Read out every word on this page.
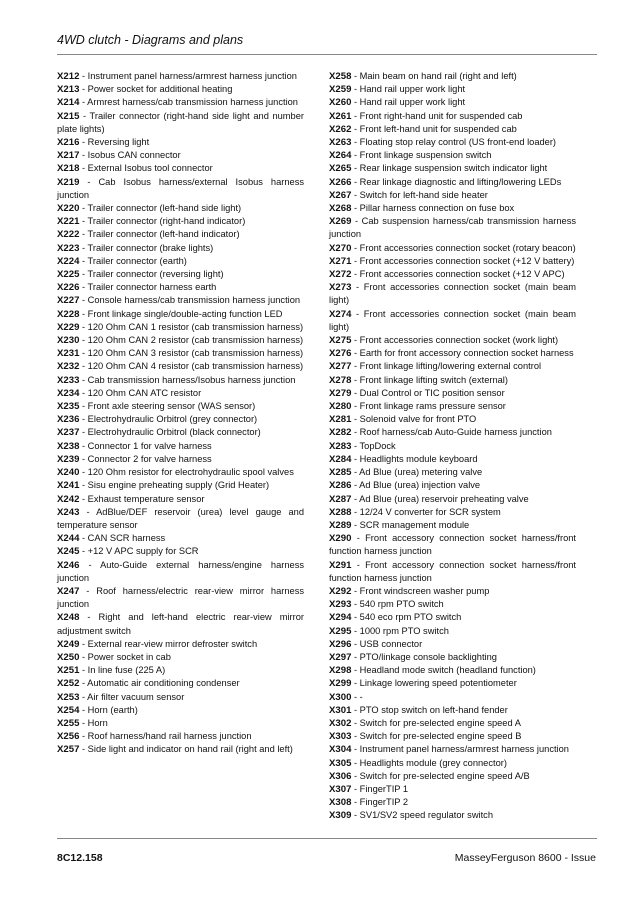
4WD clutch - Diagrams and plans

X212 - Instrument panel harness/armrest harness junction

X213 - Power socket for additional heating

X214 - Armrest harness/cab transmission harness junction

X215 - Trailer connector (right-hand side light and number plate lights)

X216 - Reversing light

X217 - Isobus CAN connector

X218 - External Isobus tool connector

X219 - Cab Isobus harness/external Isobus harness junction

X220 - Trailer connector (left-hand side light)

X221 - Trailer connector (right-hand indicator)

X222 - Trailer connector (left-hand indicator)

X223 - Trailer connector (brake lights)

X224 - Trailer connector (earth)

X225 - Trailer connector (reversing light)

X226 - Trailer connector harness earth

X227 - Console harness/cab transmission harness junction

X228 - Front linkage single/double-acting function LED

X229 - 120 Ohm CAN 1 resistor (cab transmission harness)

X230 - 120 Ohm CAN 2 resistor (cab transmission harness)

X231 - 120 Ohm CAN 3 resistor (cab transmission harness)

X232 - 120 Ohm CAN 4 resistor (cab transmission harness)

X233 - Cab transmission harness/Isobus harness junction

X234 - 120 Ohm CAN ATC resistor

X235 - Front axle steering sensor (WAS sensor)

X236 - Electrohydraulic Orbitrol (grey connector)

X237 - Electrohydraulic Orbitrol (black connector)

X238 - Connector 1 for valve harness

X239 - Connector 2 for valve harness

X240 - 120 Ohm resistor for electrohydraulic spool valves

X241 - Sisu engine preheating supply (Grid Heater)

X242 - Exhaust temperature sensor

X243 - AdBlue/DEF reservoir (urea) level gauge and temperature sensor

X244 - CAN SCR harness

X245 - +12 V APC supply for SCR

X246 - Auto-Guide external harness/engine harness junction

X247 - Roof harness/electric rear-view mirror harness junction

X248 - Right and left-hand electric rear-view mirror adjustment switch

X249 - External rear-view mirror defroster switch

X250 - Power socket in cab

X251 - In line fuse (225 A)

X252 - Automatic air conditioning condenser

X253 - Air filter vacuum sensor

X254 - Horn (earth)

X255 - Horn

X256 - Roof harness/hand rail harness junction

X257 - Side light and indicator on hand rail (right and left)

X258 - Main beam on hand rail (right and left)

X259 - Hand rail upper work light

X260 - Hand rail upper work light

X261 - Front right-hand unit for suspended cab

X262 - Front left-hand unit for suspended cab

X263 - Floating stop relay control (US front-end loader)

X264 - Front linkage suspension switch

X265 - Rear linkage suspension switch indicator light

X266 - Rear linkage diagnostic and lifting/lowering LEDs

X267 - Switch for left-hand side heater

X268 - Pillar harness connection on fuse box

X269 - Cab suspension harness/cab transmission harness junction

X270 - Front accessories connection socket (rotary beacon)

X271 - Front accessories connection socket (+12 V battery)

X272 - Front accessories connection socket (+12 V APC)

X273 - Front accessories connection socket (main beam light)

X274 - Front accessories connection socket (main beam light)

X275 - Front accessories connection socket (work light)

X276 - Earth for front accessory connection socket harness

X277 - Front linkage lifting/lowering external control

X278 - Front linkage lifting switch (external)

X279 - Dual Control or TIC position sensor

X280 - Front linkage rams pressure sensor

X281 - Solenoid valve for front PTO

X282 - Roof harness/cab Auto-Guide harness junction

X283 - TopDock

X284 - Headlights module keyboard

X285 - Ad Blue (urea) metering valve

X286 - Ad Blue (urea) injection valve

X287 - Ad Blue (urea) reservoir preheating valve

X288 - 12/24 V converter for SCR system

X289 - SCR management module

X290 - Front accessory connection socket harness/front function harness junction

X291 - Front accessory connection socket harness/front function harness junction

X292 - Front windscreen washer pump

X293 - 540 rpm PTO switch

X294 - 540 eco rpm PTO switch

X295 - 1000 rpm PTO switch

X296 - USB connector

X297 - PTO/linkage console backlighting

X298 - Headland mode switch (headland function)

X299 - Linkage lowering speed potentiometer

X300 - -

X301 - PTO stop switch on left-hand fender

X302 - Switch for pre-selected engine speed A

X303 - Switch for pre-selected engine speed B

X304 - Instrument panel harness/armrest harness junction

X305 - Headlights module (grey connector)

X306 - Switch for pre-selected engine speed A/B

X307 - FingerTIP 1

X308 - FingerTIP 2

X309 - SV1/SV2 speed regulator switch

8C12.158	MasseyFerguson 8600 - Issue
